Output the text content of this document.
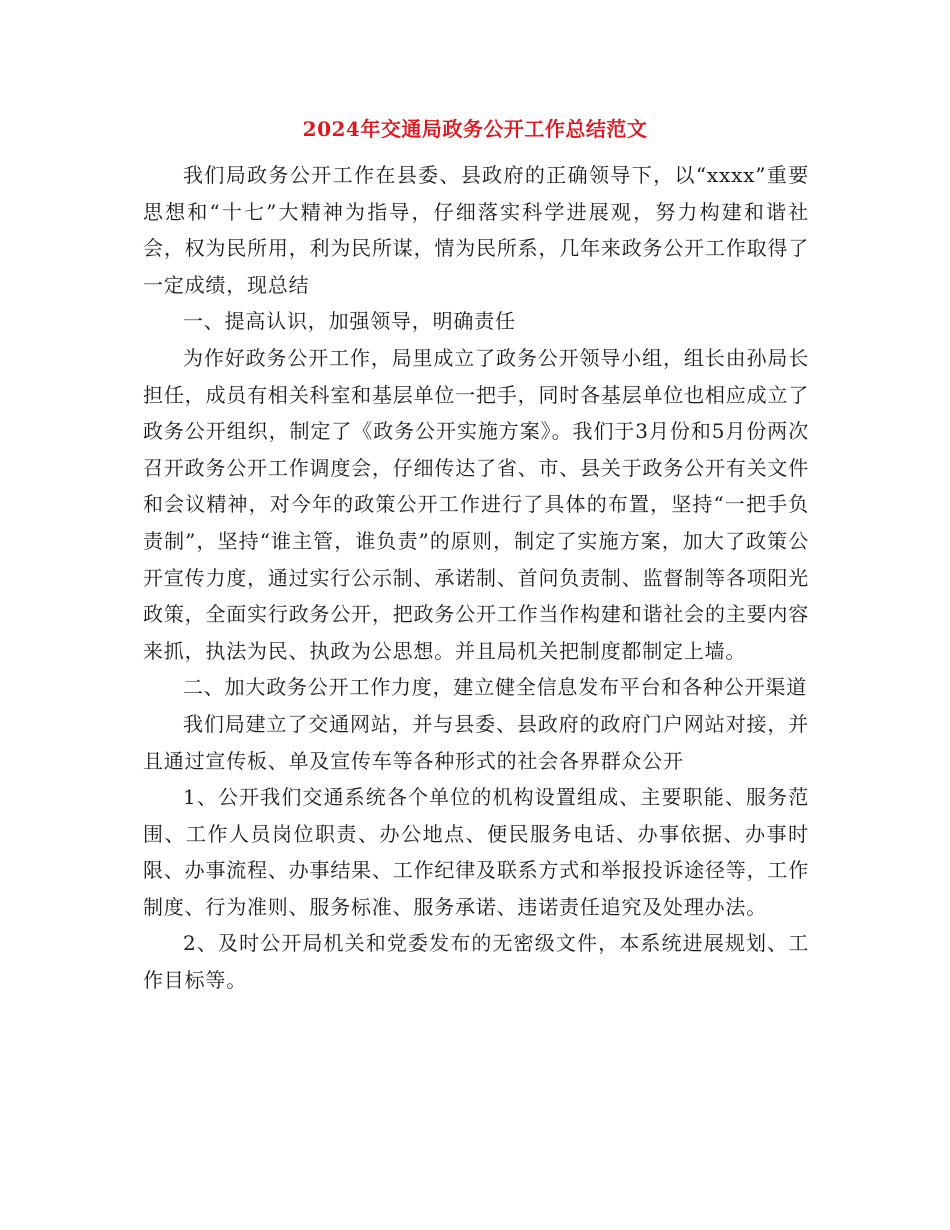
2024年交通局政务公开工作总结范文

我们局政务公开工作在县委、县政府的正确领导下，以“xxxx”重要思想和“十七”大精神为指导，仔细落实科学进展观，努力构建和谐社会，权为民所用，利为民所谋，情为民所系，几年来政务公开工作取得了一定成绩，现总结

一、提高认识，加强领导，明确责任

为作好政务公开工作，局里成立了政务公开领导小组，组长由孙局长担任，成员有相关科室和基层单位一把手，同时各基层单位也相应成立了政务公开组织，制定了《政务公开实施方案》。我们于3月份和5月份两次召开政务公开工作调度会，仔细传达了省、市、县关于政务公开有关文件和会议精神，对今年的政策公开工作进行了具体的布置，坚持“一把手负责制”，坚持“谁主管，谁负责”的原则，制定了实施方案，加大了政策公开宣传力度，通过实行公示制、承诺制、首问负责制、监督制等各项阳光政策，全面实行政务公开，把政务公开工作当作构建和谐社会的主要内容来抓，执法为民、执政为公思想。并且局机关把制度都制定上墙。

二、加大政务公开工作力度，建立健全信息发布平台和各种公开渠道

我们局建立了交通网站，并与县委、县政府的政府门户网站对接，并且通过宣传板、单及宣传车等各种形式的社会各界群众公开

1、公开我们交通系统各个单位的机构设置组成、主要职能、服务范围、工作人员岗位职责、办公地点、便民服务电话、办事依据、办事时限、办事流程、办事结果、工作纪律及联系方式和举报投诉途径等，工作制度、行为准则、服务标准、服务承诺、违诺责任追究及处理办法。

2、及时公开局机关和党委发布的无密级文件，本系统进展规划、工作目标等。
